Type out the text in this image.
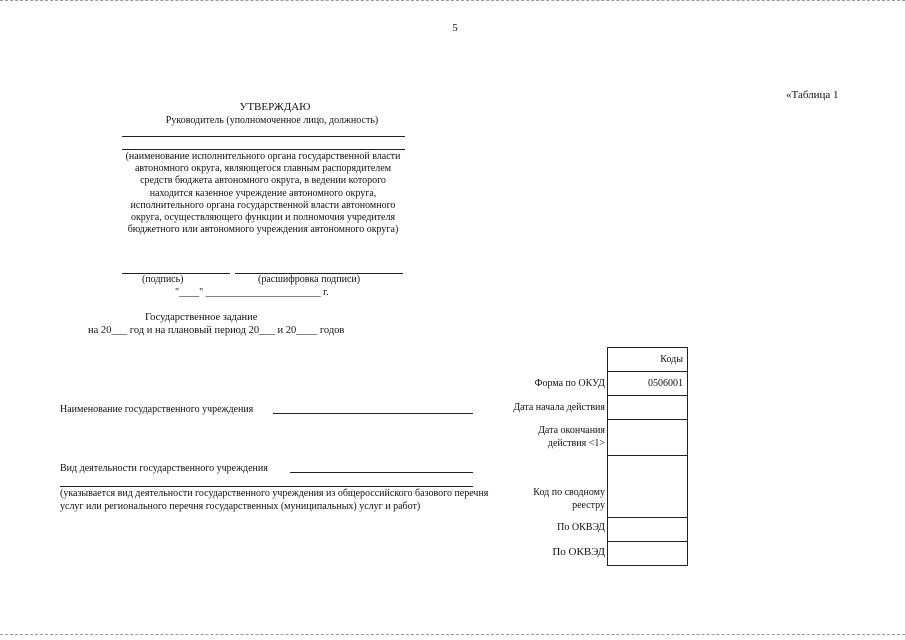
5
«Таблица 1
УТВЕРЖДАЮ
Руководитель (уполномоченное лицо, должность)
(наименование исполнительного органа государственной власти автономного округа, являющегося главным распорядителем средств бюджета автономного округа, в ведении которого находится казенное учреждение автономного округа, исполнительного органа государственной власти автономного округа, осуществляющего функции и полномочия учредителя бюджетного или автономного учреждения автономного округа)
(подпись)	(расшифровка подписи)
"____" _______________________ г.
Государственное задание
на 20___ год и на плановый период 20___ и 20____ годов
Наименование государственного учреждения
Вид деятельности государственного учреждения
(указывается вид деятельности государственного учреждения из общероссийского базового перечня услуг или регионального перечня государственных (муниципальных) услуг и работ)
Форма по ОКУД
Дата начала действия
Дата окончания действия <1>
Код по сводному реестру
По ОКВЭД
По ОКВЭД
Коды
0506001
